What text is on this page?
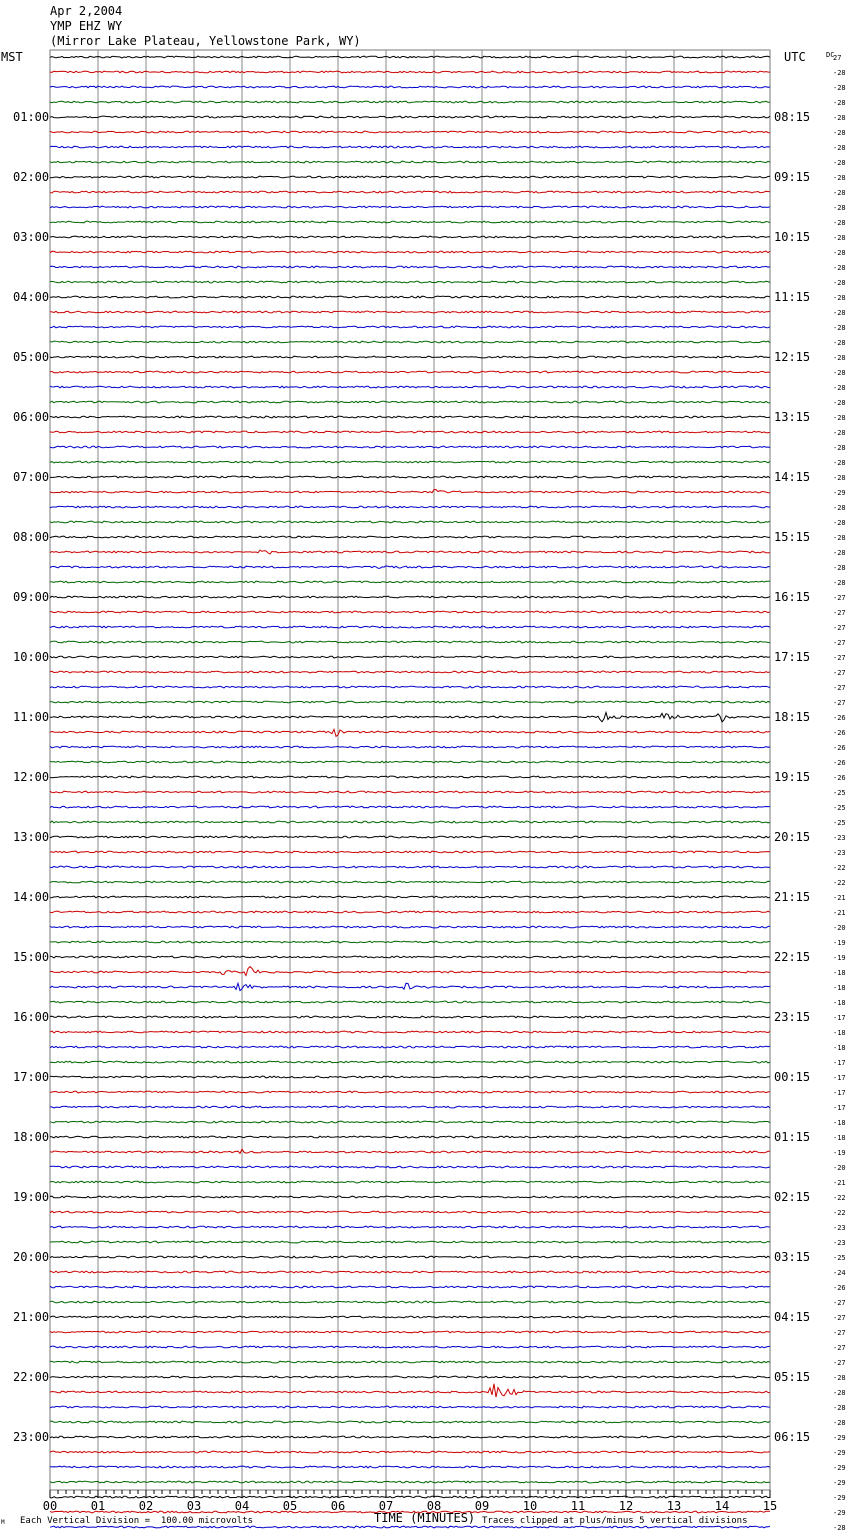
Apr 2,2004
YMP EHZ WY
(Mirror Lake Plateau, Yellowstone Park, WY)
27
-28
-28
-28
-28
-28
-28
-28
-28
-28
-28
-28
-28
-28
-28
-28
-28
-28
-28
-28
-28
-28
-28
-28
-28
-28
-28
-28
-28
-29
-28
-28
-28
-28
-28
-28
-27
-27
-27
-27
-27
-27
-27
-27
-26
-26
-26
-26
-26
-25
-25
-25
-23
-23
-22
-22
-21
-21
-20
-19
-19
-18
-18
-18
-17
-18
-18
-17
-17
-17
-17
-18
-18
-19
-20
-21
-22
-22
-23
-23
-25
-24
-26
-27
-27
-27
-27
-27
-28
-28
-28
-28
-29
-29
-29
-29
-29
-29
-28
MST	UTC	DC
01:00
02:00
03:00
04:00
05:00
06:00
07:00
08:00
09:00
10:00
11:00
12:00
13:00
14:00
15:00
16:00
17:00
18:00
19:00
20:00
21:00
22:00
23:00
08:15
09:15
10:15
11:15
12:15
13:15
14:15
15:15
16:15
17:15
18:15
19:15
20:15
21:15
22:15
23:15
00:15
01:15
02:15
03:15
04:15
05:15
06:15
00	01	02	03	04	05	06	07	08	09	10	11	12	13	14	15
TIME (MINUTES)
Each Vertical Division =  100.00 microvolts	Traces clipped at plus/minus 5 vertical divisions
M
